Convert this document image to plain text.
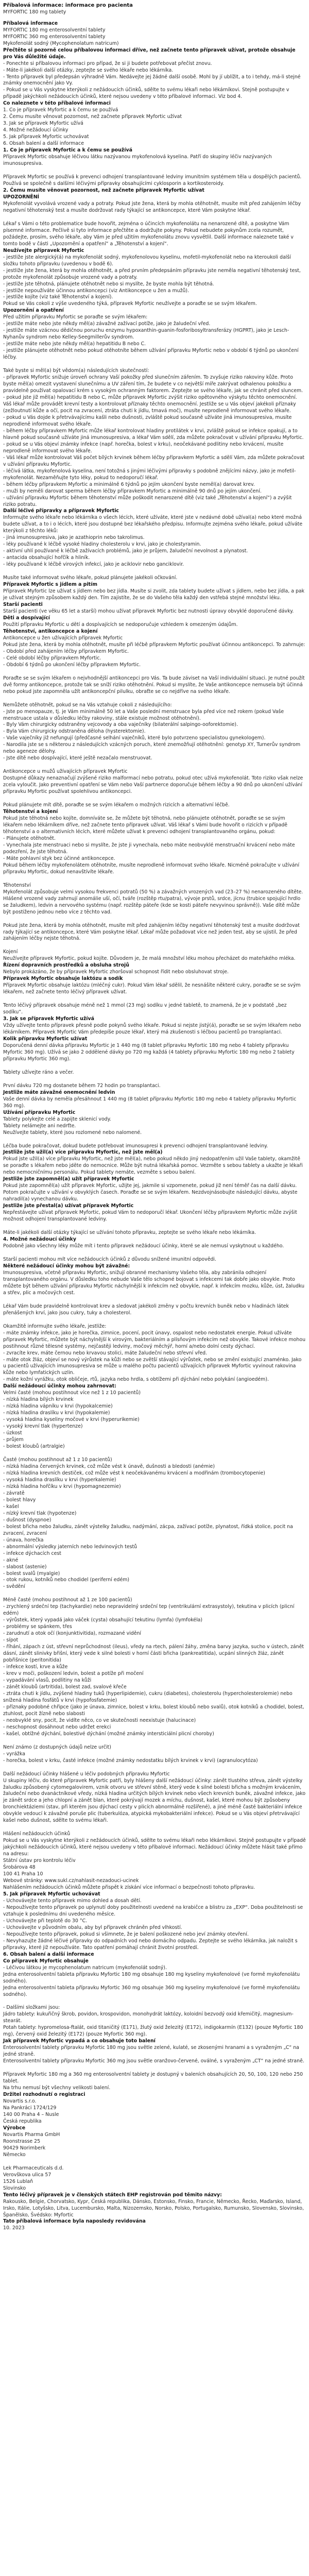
Příbalová informace: informace pro pacienta
MYFORTIC 180 mg tablety
Příbalová informace
MYFORTIC 180 mg enterosolventní tablety
MYFORTIC 360 mg enterosolventní tablety
Mykofenolát sodný (Mycophenolatum natricum)
Přečtěte si pozorně celou příbalovou informaci dříve, než začnete tento přípravek užívat, protože obsahuje pro Vás důležité údaje.
- Ponechte si příbalovou informaci pro případ, že si ji budete potřebovat přečíst znovu.
- Máte-li jakékoli další otázky, zeptejte se svého lékaře nebo lékárníka.
- Tento přípravek byl předepsán výhradně Vám. Nedávejte jej žádné další osobě. Mohl by jí ublížit, a to i tehdy, má-li stejné známky onemocnění jako Vy.
- Pokud se u Vás vyskytne kterýkoli z nežádoucích účinků, sdělte to svému lékaři nebo lékárníkovi. Stejně postupujte v případě jakýchkoli nežádoucích účinků, které nejsou uvedeny v této příbalové informaci. Viz bod 4.
Co naleznete v této příbalové informaci
1. Co je přípravek Myfortic a k čemu se používá
2. Čemu musíte věnovat pozornost, než začnete přípravek Myfortic užívat
3. Jak se přípravek Myfortic užívá
4. Možné nežádoucí účinky
5. Jak přípravek Myfortic uchovávat
6. Obsah balení a další informace
1. Co je přípravek Myfortic a k čemu se používá
Přípravek Myfortic obsahuje léčivou látku nazývanou mykofenolová kyselina. Patří do skupiny léčiv nazývaných imunosupresiva.

Přípravek Myfortic se používá k prevenci odhojení transplantované ledviny imunitním systémem těla u dospělých pacientů. Používá se společně s dalšími léčivými přípravky obsahujícími cyklosporin a kortikosteroidy.
2. Čemu musíte věnovat pozornost, než začnete přípravek Myfortic užívat
UPOZORNĚNÍ
Mykofenolát vyvolává vrozené vady a potraty. Pokud jste žena, která by mohla otěhotnět, musíte mít před zahájením léčby negativní těhotenský test a musíte dodržovat rady týkající se antikoncepce, které Vám poskytne lékař.

Lékař s Vámi o této problematice bude hovořit, zejména o účincích mykofenolátu na nenarozené dítě, a poskytne Vám písemné informace. Pečlivě si tyto informace přečtěte a dodržujte pokyny. Pokud nebudete pokynům zcela rozumět, požádejte, prosím, svého lékaře, aby Vám je před užitím mykofenolátu znovu vysvětlil. Další informace naleznete také v tomto bodě v části „Upozornění a opatření“ a „Těhotenství a kojení“.
Neužívejte přípravek Myfortic
- jestliže jste alergický(á) na mykofenolát sodný, mykofenolovou kyselinu, mofetil-mykofenolát nebo na kteroukoli další složku tohoto přípravku (uvedenou v bodě 6).
- jestliže jste žena, která by mohla otěhotnět, a před prvním předepsáním přípravku jste neměla negativní těhotenský test, protože mykofenolát způsobuje vrozené vady a potraty.
- jestliže jste těhotná, plánujete otěhotnět nebo si myslíte, že byste mohla být těhotná.
- jestliže nepoužíváte účinnou antikoncepci (viz Antikoncepce u žen a mužů).
- jestliže kojíte (viz také Těhotenství a kojení).
Pokud se Vás cokoli z výše uvedeného týká, přípravek Myfortic neužívejte a poraďte se se svým lékařem.
Upozornění a opatření
Před užitím přípravku Myfortic se poraďte se svým lékařem:
- jestliže máte nebo jste někdy měl(a) závažné zažívací potíže, jako je žaludeční vřed.
- jestliže máte vzácnou dědičnou poruchu enzymu hypoxanthin-guanin-fosforibosyltransferázy (HGPRT), jako je Lesch-Nyhanův syndrom nebo Kelley-Seegmillerův syndrom.
- jestliže máte nebo jste někdy měl(a) hepatitidu B nebo C.
- jestliže plánujete otěhotnět nebo pokud otěhotníte během užívání přípravku Myfortic nebo v období 6 týdnů po ukončení léčby.

Také byste si měl(a) být vědom(a) následujících skutečností:
- přípravek Myfortic snižuje úroveň ochrany Vaší pokožky před slunečním zářením. To zvyšuje riziko rakoviny kůže. Proto byste měl(a) omezit vystavení slunečnímu a UV záření tím, že budete v co největší míře zakrývat odhalenou pokožku a pravidelně používat opalovací krém s vysokým ochranným faktorem. Zeptejte se svého lékaře, jak se chránit před sluncem.
- pokud jste již měl(a) hepatitidu B nebo C, může přípravek Myfortic zvýšit riziko opětovného výskytu těchto onemocnění. Váš lékař může provádět krevní testy a kontrolovat příznaky těchto onemocnění. Jestliže se u Vás objeví jakékoli příznaky (zežloutnutí kůže a očí, pocit na zvracení, ztráta chuti k jídlu, tmavá moč), musíte neprodleně informovat svého lékaře.
- pokud u Vás dojde k přetrvávajícímu kašli nebo dušnosti, zvláště pokud současně užíváte jiná imunosupresiva, musíte neprodleně informovat svého lékaře.
- během léčby přípravkem Myfortic může lékař kontrolovat hladiny protilátek v krvi, zvláště pokud se infekce opakují, a to hlavně pokud současně užíváte jiná imunosupresiva, a lékař Vám sdělí, zda můžete pokračovat v užívání přípravku Myfortic.
- pokud se u Vás objeví známky infekce (např. horečka, bolest v krku), neočekávané podlitiny nebo krvácení, musíte neprodleně informovat svého lékaře.
- Váš lékař může kontrolovat Váš počet bílých krvinek během léčby přípravkem Myfortic a sdělí Vám, zda můžete pokračovat v užívání přípravku Myfortic.
- léčivá látka, mykofenolová kyselina, není totožná s jinými léčivými přípravky s podobně znějícími názvy, jako je mofetil-mykofenolát. Nezaměňujte tyto léky, pokud to nedoporučí lékař.
- během léčby přípravkem Myfortic a minimálně 6 týdnů po jejím ukončení byste neměl(a) darovat krev.
- muži by neměli darovat sperma během léčby přípravkem Myfortic a minimálně 90 dnů po jejím ukončení.
- užívání přípravku Myfortic během těhotenství může poškodit nenarozené dítě (viz také „Těhotenství a kojení“) a zvýšit riziko potratu.
Další léčivé přípravky a přípravek Myfortic
Informujte svého lékaře nebo lékárníka o všech lécích, které užíváte, které jste v nedávné době užíval(a) nebo které možná budete užívat, a to i o lécích, které jsou dostupné bez lékařského předpisu. Informujte zejména svého lékaře, pokud užíváte kterýkoli z těchto léků:
- jiná imunosupresiva, jako je azathioprin nebo takrolimus.
- léky používané k léčbě vysoké hladiny cholesterolu v krvi, jako je cholestyramin.
- aktivní uhlí používané k léčbě zažívacích problémů, jako je průjem, žaludeční nevolnost a plynatost.
- antacida obsahující hořčík a hliník.
- léky používané k léčbě virových infekcí, jako je aciklovir nebo ganciklovir.

Musíte také informovat svého lékaře, pokud plánujete jakékoli očkování.
Přípravek Myfortic s jídlem a pitím
Přípravek Myfortic lze užívat s jídlem nebo bez jídla. Musíte si zvolit, zda tablety budete užívat s jídlem, nebo bez jídla, a pak je užívat stejným způsobem každý den. Tím zajistíte, že se do Vašeho těla každý den vstřebá stejné množství léku.
Starší pacienti
Starší pacienti (ve věku 65 let a starší) mohou užívat přípravek Myfortic bez nutnosti úpravy obvyklé doporučené dávky.
Děti a dospívající
Použití přípravku Myfortic u dětí a dospívajících se nedoporučuje vzhledem k omezeným údajům.
Těhotenství, antikoncepce a kojení
Antikoncepce u žen užívajících přípravek Myfortic
Pokud jste žena, která by mohla otěhotnět, musíte při léčbě přípravkem Myfortic používat účinnou antikoncepci. To zahrnuje:
- Období před zahájením léčby přípravkem Myfortic.
- Celé období léčby přípravkem Myfortic.
- Období 6 týdnů po ukončení léčby přípravkem Myfortic.

Poraďte se se svým lékařem o nejvhodnější antikoncepci pro Vás. Ta bude záviset na Vaší individuální situaci. Je nutné použít dvě formy antikoncepce, protože tak se sníží riziko otěhotnění. Pokud si myslíte, že Vaše antikoncepce nemusela být účinná nebo pokud jste zapomněla užít antikoncepční pilulku, obraťte se co nejdříve na svého lékaře.

Nemůžete otěhotnět, pokud se na Vás vztahuje cokoli z následujícího:
- Jste po menopauze, tj. je Vám minimálně 50 let a Vaše poslední menstruace byla před více než rokem (pokud Vaše menstruace ustala v důsledku léčby rakoviny, stále existuje možnost otěhotnění).
- Byly Vám chirurgicky odstraněny vejcovody a oba vaječníky (bilaterální salpingo-ooforektomie).
- Byla Vám chirurgicky odstraněna děloha (hysterektomie).
- Vaše vaječníky již nefungují (předčasné selhání vaječníků, které bylo potvrzeno specialistou gynekologem).
- Narodila jste se s některou z následujících vzácných poruch, které znemožňují otěhotnění: genotyp XY, Turnerův syndrom nebo ageneze dělohy.
- Jste dítě nebo dospívající, které ještě nezačalo menstruovat.

Antikoncepce u mužů užívajících přípravek Myfortic
Dostupné důkazy nenaznačují zvýšené riziko malformací nebo potratu, pokud otec užívá mykofenolát. Toto riziko však nelze zcela vyloučit. Jako preventivní opatření se Vám nebo Vaší partnerce doporučuje během léčby a 90 dnů po ukončení užívání přípravku Myfortic používat spolehlivou antikoncepci.

Pokud plánujete mít dítě, poraďte se se svým lékařem o možných rizicích a alternativní léčbě.
Těhotenství a kojení
Pokud jste těhotná nebo kojíte, domníváte se, že můžete být těhotná, nebo plánujete otěhotnět, poraďte se se svým lékařem nebo lékárníkem dříve, než začnete tento přípravek užívat. Váš lékař s Vámi bude hovořit o rizicích v případě těhotenství a o alternativních lécích, které můžete užívat k prevenci odhojení transplantovaného orgánu, pokud:
- Plánujete otěhotnět.
- Vynechala jste menstruaci nebo si myslíte, že jste ji vynechala, nebo máte neobvyklé menstruační krvácení nebo máte podezření, že jste těhotná.
- Máte pohlavní styk bez účinné antikoncepce.
Pokud během léčby mykofenolátem otěhotníte, musíte neprodleně informovat svého lékaře. Nicméně pokračujte v užívání přípravku Myfortic, dokud nenavštívíte lékaře.

Těhotenství
Mykofenolát způsobuje velmi vysokou frekvenci potratů (50 %) a závažných vrozených vad (23–27 %) nenarozeného dítěte. Hlášené vrozené vady zahrnují anomálie uší, očí, tváře (rozštěp rtu/patra), vývoje prstů, srdce, jícnu (trubice spojující hrdlo se žaludkem), ledvin a nervového systému (např. rozštěp páteře (kde se kosti páteře nevyvinou správně)). Vaše dítě může být postiženo jednou nebo více z těchto vad.

Pokud jste žena, která by mohla otěhotnět, musíte mít před zahájením léčby negativní těhotenský test a musíte dodržovat rady týkající se antikoncepce, které Vám poskytne lékař. Lékař může požadovat více než jeden test, aby se ujistil, že před zahájením léčby nejste těhotná.

Kojení
Neužívejte přípravek Myfortic, pokud kojíte. Důvodem je, že malá množství léku mohou přecházet do mateřského mléka.
Řízení dopravních prostředků a obsluha strojů
Nebylo prokázáno, že by přípravek Myfortic zhoršoval schopnost řídit nebo obsluhovat stroje.
Přípravek Myfortic obsahuje laktózu a sodík
Přípravek Myfortic obsahuje laktózu (mléčný cukr). Pokud Vám lékař sdělil, že nesnášíte některé cukry, poraďte se se svým lékařem, než začnete tento léčivý přípravek užívat.

Tento léčivý přípravek obsahuje méně než 1 mmol (23 mg) sodíku v jedné tabletě, to znamená, že je v podstatě „bez sodíku“.
3. Jak se přípravek Myfortic užívá
Vždy užívejte tento přípravek přesně podle pokynů svého lékaře. Pokud si nejste jistý(á), poraďte se se svým lékařem nebo lékárníkem. Přípravek Myfortic Vám předepíše pouze lékař, který má zkušenosti s léčbou pacientů po transplantaci.
Kolik přípravku Myfortic užívat
Doporučená denní dávka přípravku Myfortic je 1 440 mg (8 tablet přípravku Myfortic 180 mg nebo 4 tablety přípravku Myfortic 360 mg). Užívá se jako 2 oddělené dávky po 720 mg každá (4 tablety přípravku Myfortic 180 mg nebo 2 tablety přípravku Myfortic 360 mg).

Tablety užívejte ráno a večer.

První dávku 720 mg dostanete během 72 hodin po transplantaci.
Jestliže máte závažné onemocnění ledvin
Vaše denní dávka by neměla přesáhnout 1 440 mg (8 tablet přípravku Myfortic 180 mg nebo 4 tablety přípravku Myfortic 360 mg).
Užívání přípravku Myfortic
Tablety polykejte celé a zapijte sklenicí vody.
Tablety nelámejte ani nedrťte.
Neužívejte tablety, které jsou rozlomené nebo nalomené.

Léčba bude pokračovat, dokud budete potřebovat imunosupresi k prevenci odhojení transplantované ledviny.
Jestliže jste užil(a) více přípravku Myfortic, než jste měl(a)
Pokud jste užil(a) více přípravku Myfortic, než jste měl(a), nebo pokud někdo jiný nedopatřením užil Vaše tablety, okamžitě se poraďte s lékařem nebo jděte do nemocnice. Může být nutná lékařská pomoc. Vezměte s sebou tablety a ukažte je lékaři nebo nemocničnímu personálu. Pokud tablety nemáte, vezměte s sebou balení.
Jestliže jste zapomněl(a) užít přípravek Myfortic
Pokud jste zapomněl(a) užít přípravek Myfortic, užijte jej, jakmile si vzpomenete, pokud již není téměř čas na další dávku. Potom pokračujte v užívání v obvyklých časech. Poraďte se se svým lékařem. Nezdvojnásobujte následující dávku, abyste nahradil(a) vynechanou dávku.
Jestliže jste přestal(a) užívat přípravek Myfortic
Nepřestávejte užívat přípravek Myfortic, pokud Vám to nedoporučí lékař. Ukončení léčby přípravkem Myfortic může zvýšit možnost odhojení transplantované ledviny.

Máte-li jakékoli další otázky týkající se užívání tohoto přípravku, zeptejte se svého lékaře nebo lékárníka.
4. Možné nežádoucí účinky
Podobně jako všechny léky může mít i tento přípravek nežádoucí účinky, které se ale nemusí vyskytnout u každého.

Starší pacienti mohou mít více nežádoucích účinků z důvodu snížené imunitní odpovědi.
Některé nežádoucí účinky mohou být závažné:
Imunosupresiva, včetně přípravku Myfortic, snižují obranné mechanismy Vašeho těla, aby zabránila odhojení transplantovaného orgánu. V důsledku toho nebude Vaše tělo schopné bojovat s infekcemi tak dobře jako obvykle. Proto můžete být během užívání přípravku Myfortic náchylnější k infekcím než obvykle, např. k infekcím mozku, kůže, úst, žaludku a střev, plic a močových cest.

Lékař Vám bude pravidelně kontrolovat krev a sledovat jakékoli změny v počtu krevních buněk nebo v hladinách látek přenášených krví, jako jsou cukry, tuky a cholesterol.

Okamžitě informujte svého lékaře, jestliže:
- máte známky infekce, jako je horečka, zimnice, pocení, pocit únavy, ospalost nebo nedostatek energie. Pokud užíváte přípravek Myfortic, můžete být náchylnější k virovým, bakteriálním a plísňovým infekcím než obvykle. Takové infekce mohou postihnout různé tělesné systémy, nejčastěji ledviny, močový měchýř, horní a/nebo dolní cesty dýchací.
- zvracíte krev, máte černou nebo krvavou stolici, máte žaludeční nebo střevní vřed.
- máte otok žláz, objeví se nový výrůstek na kůži nebo se zvětší stávající výrůstek, nebo se změní existující znaménko. Jako u pacientů užívajících imunosupresiva se může u malého počtu pacientů užívajících přípravek Myfortic vyvinout rakovina kůže nebo lymfatických uzlin.
- máte kožní vyrážku, otok obličeje, rtů, jazyka nebo hrdla, s obtížemi při dýchání nebo polykání (angioedém).
Další nežádoucí účinky mohou zahrnovat:
Velmi časté (mohou postihnout více než 1 z 10 pacientů)
- nízká hladina bílých krvinek
- nízká hladina vápníku v krvi (hypokalcemie)
- nízká hladina draslíku v krvi (hypokalemie)
- vysoká hladina kyseliny močové v krvi (hyperurikemie)
- vysoký krevní tlak (hypertenze)
- úzkost
- průjem
- bolest kloubů (artralgie)

Časté (mohou postihnout až 1 z 10 pacientů)
- nízká hladina červených krvinek, což může vést k únavě, dušnosti a bledosti (anémie)
- nízká hladina krevních destiček, což může vést k neočekávanému krvácení a modřinám (trombocytopenie)
- vysoká hladina draslíku v krvi (hyperkalemie)
- nízká hladina hořčíku v krvi (hypomagnezemie)
- závratě
- bolest hlavy
- kašel
- nízký krevní tlak (hypotenze)
- dušnost (dyspnoe)
- bolest břicha nebo žaludku, zánět výstelky žaludku, nadýmání, zácpa, zažívací potíže, plynatost, řídká stolice, pocit na zvracení, zvracení
- únava, horečka
- abnormální výsledky jaterních nebo ledvinových testů
- infekce dýchacích cest
- akné
- slabost (astenie)
- bolest svalů (myalgie)
- otok rukou, kotníků nebo chodidel (periferní edém)
- svědění

Méně časté (mohou postihnout až 1 ze 100 pacientů)
- zrychlený srdeční tep (tachykardie) nebo nepravidelný srdeční tep (ventrikulární extrasystoly), tekutina v plicích (plicní edém)
- výrůstek, který vypadá jako váček (cysta) obsahující tekutinu (lymfa) (lymfokéla)
- problémy se spánkem, třes
- zarudnutí a otok očí (konjunktivitida), rozmazané vidění
- sípot
- říhání, zápach z úst, střevní neprůchodnost (ileus), vředy na rtech, pálení žáhy, změna barvy jazyka, sucho v ústech, zánět dásní, zánět slinivky břišní, který vede k silné bolesti v horní části břicha (pankreatitida), ucpání slinných žláz, zánět pobřišnice (peritonitida)
- infekce kostí, krve a kůže
- krev v moči, poškození ledvin, bolest a potíže při močení
- vypadávání vlasů, podlitiny na kůži
- zánět kloubů (artritida), bolest zad, svalové křeče
- ztráta chuti k jídlu, zvýšené hladiny tuků (hyperlipidemie), cukru (diabetes), cholesterolu (hypercholesterolemie) nebo snížená hladina fosfátů v krvi (hypofosfatemie)
- příznaky podobné chřipce (jako je únava, zimnice, bolest v krku, bolest kloubů nebo svalů), otok kotníků a chodidel, bolest, ztuhlost, pocit žízně nebo slabosti
- neobvyklé sny, pocit, že vidíte něco, co ve skutečnosti neexistuje (halucinace)
- neschopnost dosáhnout nebo udržet erekci
- kašel, obtížné dýchání, bolestivé dýchání (možné známky intersticiální plicní choroby)

Není známo (z dostupných údajů nelze určit)
- vyrážka
- horečka, bolest v krku, časté infekce (možné známky nedostatku bílých krvinek v krvi) (agranulocytóza)

Další nežádoucí účinky hlášené u léčiv podobných přípravku Myfortic
U skupiny léčiv, do které přípravek Myfortic patří, byly hlášeny další nežádoucí účinky: zánět tlustého střeva, zánět výstelky žaludku způsobený cytomegalovirem, vznik otvoru ve střevní stěně, který vede k silné bolesti břicha s možným krvácením, žaludeční nebo dvanáctníkové vředy, nízká hladina určitých bílých krvinek nebo všech krevních buněk, závažné infekce, jako je zánět srdce a jeho chlopní a zánět blan, které pokrývají mozek a míchu, dušnost, kašel, které mohou být způsobeny bronchiektáziemi (stav, při kterém jsou dýchací cesty v plicích abnormálně rozšířené), a jiné méně časté bakteriální infekce obvykle vedoucí k závažné poruše plic (tuberkulóza, atypická mykobakteriální infekce). Pokud se u Vás objeví přetrvávající kašel nebo dušnost, sdělte to svému lékaři.

Hlášení nežádoucích účinků
Pokud se u Vás vyskytne kterýkoli z nežádoucích účinků, sdělte to svému lékaři nebo lékárníkovi. Stejně postupujte v případě jakýchkoli nežádoucích účinků, které nejsou uvedeny v této příbalové informaci. Nežádoucí účinky můžete hlásit také přímo na adresu:
Státní ústav pro kontrolu léčiv
Šrobárova 48
100 41 Praha 10
Webové stránky: www.sukl.cz/nahlasit-nezadouci-ucinek
Nahlášením nežádoucích účinků můžete přispět k získání více informací o bezpečnosti tohoto přípravku.
5. Jak přípravek Myfortic uchovávat
- Uchovávejte tento přípravek mimo dohled a dosah dětí.
- Nepoužívejte tento přípravek po uplynutí doby použitelnosti uvedené na krabičce a blistru za „EXP“. Doba použitelnosti se vztahuje k poslednímu dni uvedeného měsíce.
- Uchovávejte při teplotě do 30 °C.
- Uchovávejte v původním obalu, aby byl přípravek chráněn před vlhkostí.
- Nepoužívejte tento přípravek, pokud si všimnete, že je balení poškozené nebo jeví známky otevření.
- Nevyhazujte žádné léčivé přípravky do odpadních vod nebo domácího odpadu. Zeptejte se svého lékárníka, jak naložit s přípravky, které již nepoužíváte. Tato opatření pomáhají chránit životní prostředí.
6. Obsah balení a další informace
Co přípravek Myfortic obsahuje
- Léčivou látkou je mycophenolatum natricum (mykofenolát sodný).
Jedna enterosolventní tableta přípravku Myfortic 180 mg obsahuje 180 mg kyseliny mykofenolové (ve formě mykofenolátu sodného).
Jedna enterosolventní tableta přípravku Myfortic 360 mg obsahuje 360 mg kyseliny mykofenolové (ve formě mykofenolátu sodného).

- Dalšími složkami jsou:
Jádro tablety: kukuřičný škrob, povidon, krospovidon, monohydrát laktózy, koloidní bezvodý oxid křemičitý, magnesium-stearát.
Potah tablety: hypromelosa-ftalát, oxid titaničitý (E171), žlutý oxid železitý (E172), indigokarmín (E132) (pouze Myfortic 180 mg), červený oxid železitý (E172) (pouze Myfortic 360 mg).
Jak přípravek Myfortic vypadá a co obsahuje toto balení
Enterosolventní tablety přípravku Myfortic 180 mg jsou světle zelené, kulaté, se zkosenými hranami a s vyraženým „C“ na jedné straně.
Enterosolventní tablety přípravku Myfortic 360 mg jsou světle oranžovo-červené, oválné, s vyraženým „CT“ na jedné straně.

Přípravek Myfortic 180 mg a 360 mg enterosolventní tablety je dostupný v baleních obsahujících 20, 50, 100, 120 nebo 250 tablet.
Na trhu nemusí být všechny velikosti balení.
Držitel rozhodnutí o registraci
Novartis s.r.o.
Na Pankráci 1724/129
140 00 Praha 4 – Nusle
Česká republika
Výrobce
Novartis Pharma GmbH
Roonstrasse 25
90429 Norimberk
Německo

Lek Pharmaceuticals d.d.
Verovškova ulica 57
1526 Lublaň
Slovinsko
Tento léčivý přípravek je v členských státech EHP registrován pod těmito názvy:
Rakousko, Belgie, Chorvatsko, Kypr, Česká republika, Dánsko, Estonsko, Finsko, Francie, Německo, Řecko, Maďarsko, Island, Irsko, Itálie, Lotyšsko, Litva, Lucembursko, Malta, Nizozemsko, Norsko, Polsko, Portugalsko, Rumunsko, Slovensko, Slovinsko, Španělsko, Švédsko: Myfortic
Tato příbalová informace byla naposledy revidována
10. 2023
